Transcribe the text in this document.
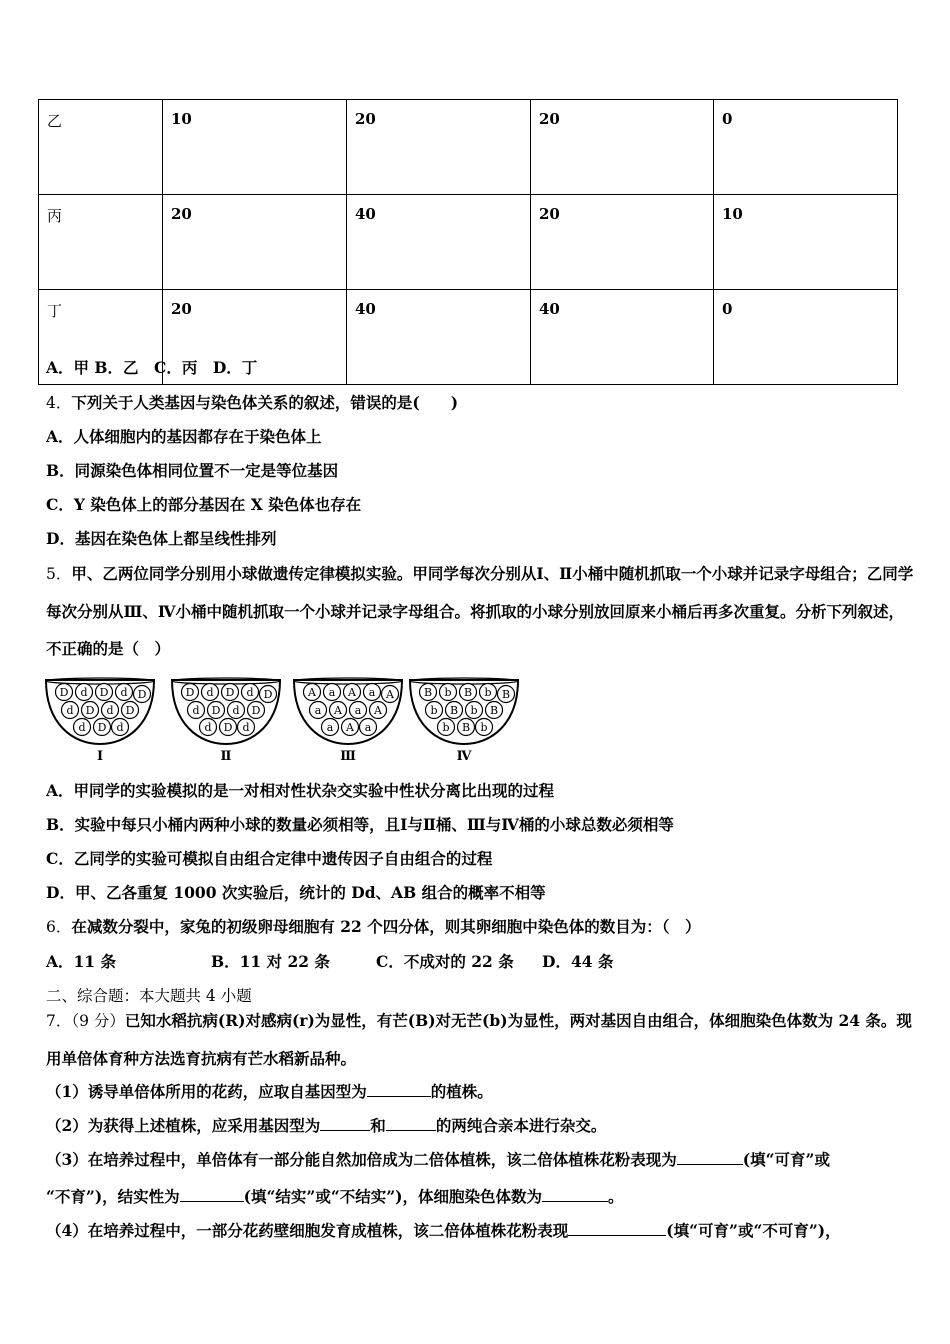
乙	10	20	20	0
丙	20	40	20	10
丁	20	40	40	0
A．甲 B．乙　C．丙　D．丁
4．下列关于人类基因与染色体关系的叙述，错误的是(　　)
A．人体细胞内的基因都存在于染色体上
B．同源染色体相同位置不一定是等位基因
C．Y 染色体上的部分基因在 X 染色体也存在
D．基因在染色体上都呈线性排列
5．甲、乙两位同学分别用小球做遗传定律模拟实验。甲同学每次分别从Ⅰ、Ⅱ小桶中随机抓取一个小球并记录字母组合；乙同学每次分别从Ⅲ、Ⅳ小桶中随机抓取一个小球并记录字母组合。将抓取的小球分别放回原来小桶后再多次重复。分析下列叙述，不正确的是（　）
D d D d D
d D d D
d D d
Ⅰ
D d D d D
d D d D
d D d
Ⅱ
A a A a A
a A a A
a A a
Ⅲ
B b B b B
b B b B
b B b
Ⅳ
A．甲同学的实验模拟的是一对相对性状杂交实验中性状分离比出现的过程
B．实验中每只小桶内两种小球的数量必须相等，且Ⅰ与Ⅱ桶、Ⅲ与Ⅳ桶的小球总数必须相等
C．乙同学的实验可模拟自由组合定律中遗传因子自由组合的过程
D．甲、乙各重复 1000 次实验后，统计的 Dd、AB 组合的概率不相等
6．在减数分裂中，家兔的初级卵母细胞有 22 个四分体，则其卵细胞中染色体的数目为：（　）
A．11 条	B．11 对 22 条	C．不成对的 22 条 D．44 条
二、综合题：本大题共 4 小题
7．（9 分）已知水稻抗病(R)对感病(r)为显性，有芒(B)对无芒(b)为显性，两对基因自由组合，体细胞染色体数为 24 条。现用单倍体育种方法选育抗病有芒水稻新品种。
（1）诱导单倍体所用的花药，应取自基因型为	的植株。
（2）为获得上述植株，应采用基因型为	和	的两纯合亲本进行杂交。
（3）在培养过程中，单倍体有一部分能自然加倍成为二倍体植株，该二倍体植株花粉表现为	(填“可育”或
“不育”)，结实性为	(填“结实”或“不结实”)，体细胞染色体数为	。
（4）在培养过程中，一部分花药壁细胞发育成植株，该二倍体植株花粉表现	(填“可育”或“不可育”)，
